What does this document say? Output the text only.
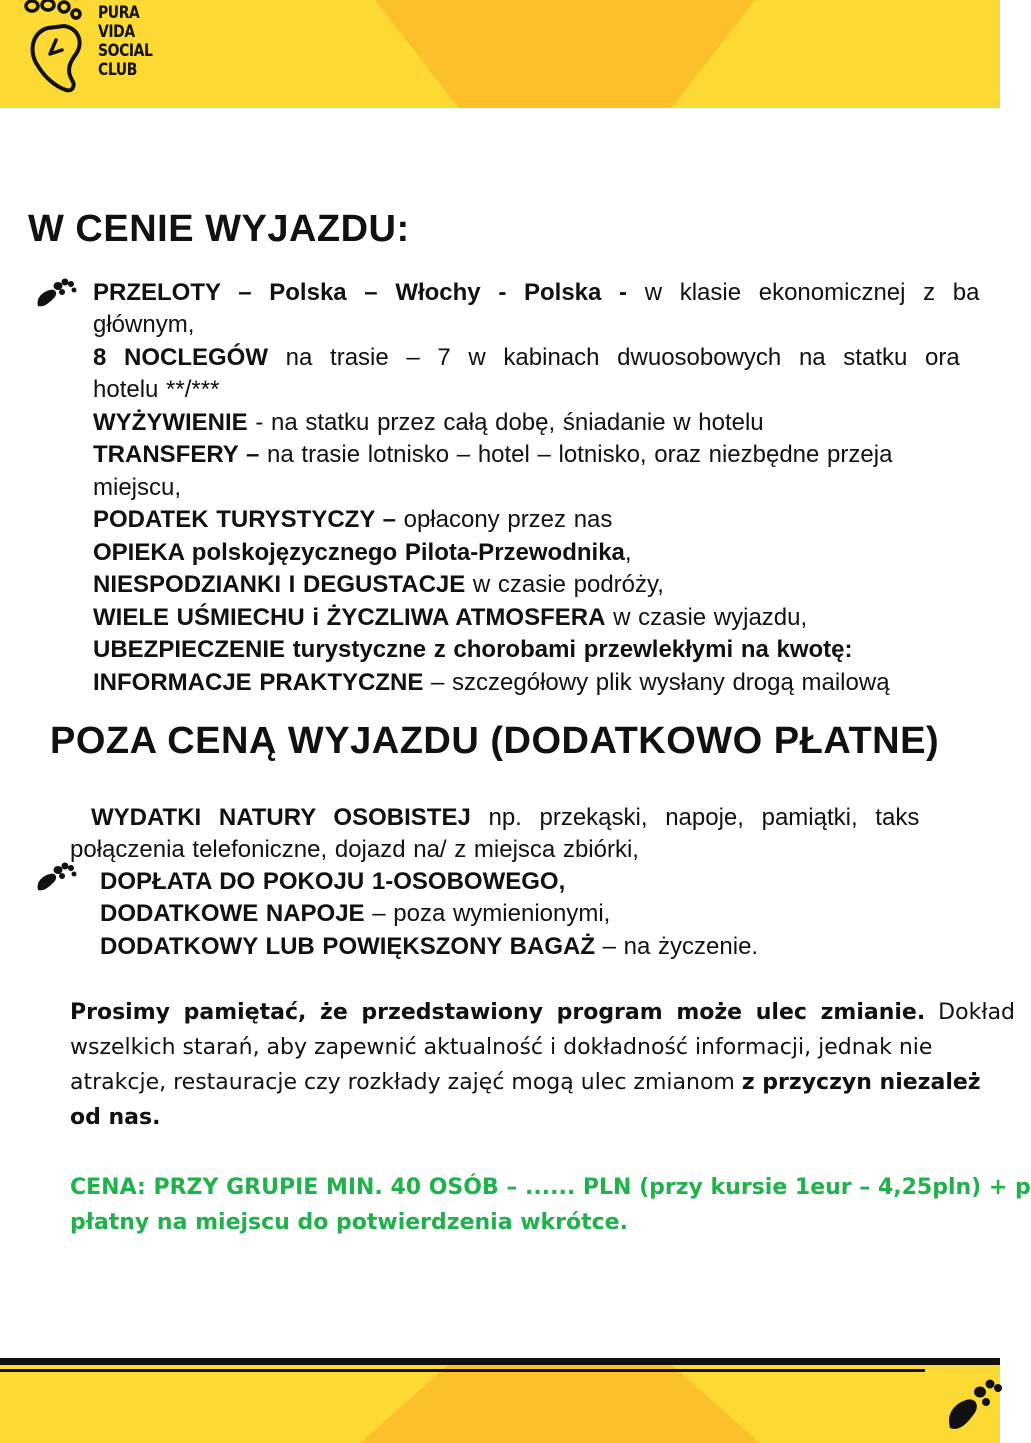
PURA
VIDA
SOCIAL
CLUB
W CENIE WYJAZDU:
PRZELOTY – Polska – Włochy - Polska - w klasie ekonomicznej z ba
głównym,
8 NOCLEGÓW na trasie – 7 w kabinach dwuosobowych na statku ora
hotelu **/***
WYŻYWIENIE - na statku przez całą dobę, śniadanie w hotelu
TRANSFERY – na trasie lotnisko – hotel – lotnisko, oraz niezbędne przeja
miejscu,
PODATEK TURYSTYCZY – opłacony przez nas
OPIEKA polskojęzycznego Pilota-Przewodnika,
NIESPODZIANKI I DEGUSTACJE w czasie podróży,
WIELE UŚMIECHU i ŻYCZLIWA ATMOSFERA w czasie wyjazdu,
UBEZPIECZENIE turystyczne z chorobami przewlekłymi na kwotę:
INFORMACJE PRAKTYCZNE – szczegółowy plik wysłany drogą mailową
WYDATKI NATURY OSOBISTEJ np. przekąski, napoje, pamiątki, taks
połączenia telefoniczne, dojazd na/ z miejsca zbiórki,
DOPŁATA DO POKOJU 1-OSOBOWEGO,
DODATKOWE NAPOJE – poza wymienionymi,
DODATKOWY LUB POWIĘKSZONY BAGAŻ – na życzenie.
Prosimy pamiętać, że przedstawiony program może ulec zmianie. Dokład
wszelkich starań, aby zapewnić aktualność i dokładność informacji, jednak nie
atrakcje, restauracje czy rozkłady zajęć mogą ulec zmianom z przyczyn niezależ
od nas.
CENA: PRZY GRUPIE MIN. 40 OSÓB – ...... PLN (przy kursie 1eur – 4,25pln) + p
płatny na miejscu do potwierdzenia wkrótce.
POZA CENĄ WYJAZDU (DODATKOWO PŁATNE)
